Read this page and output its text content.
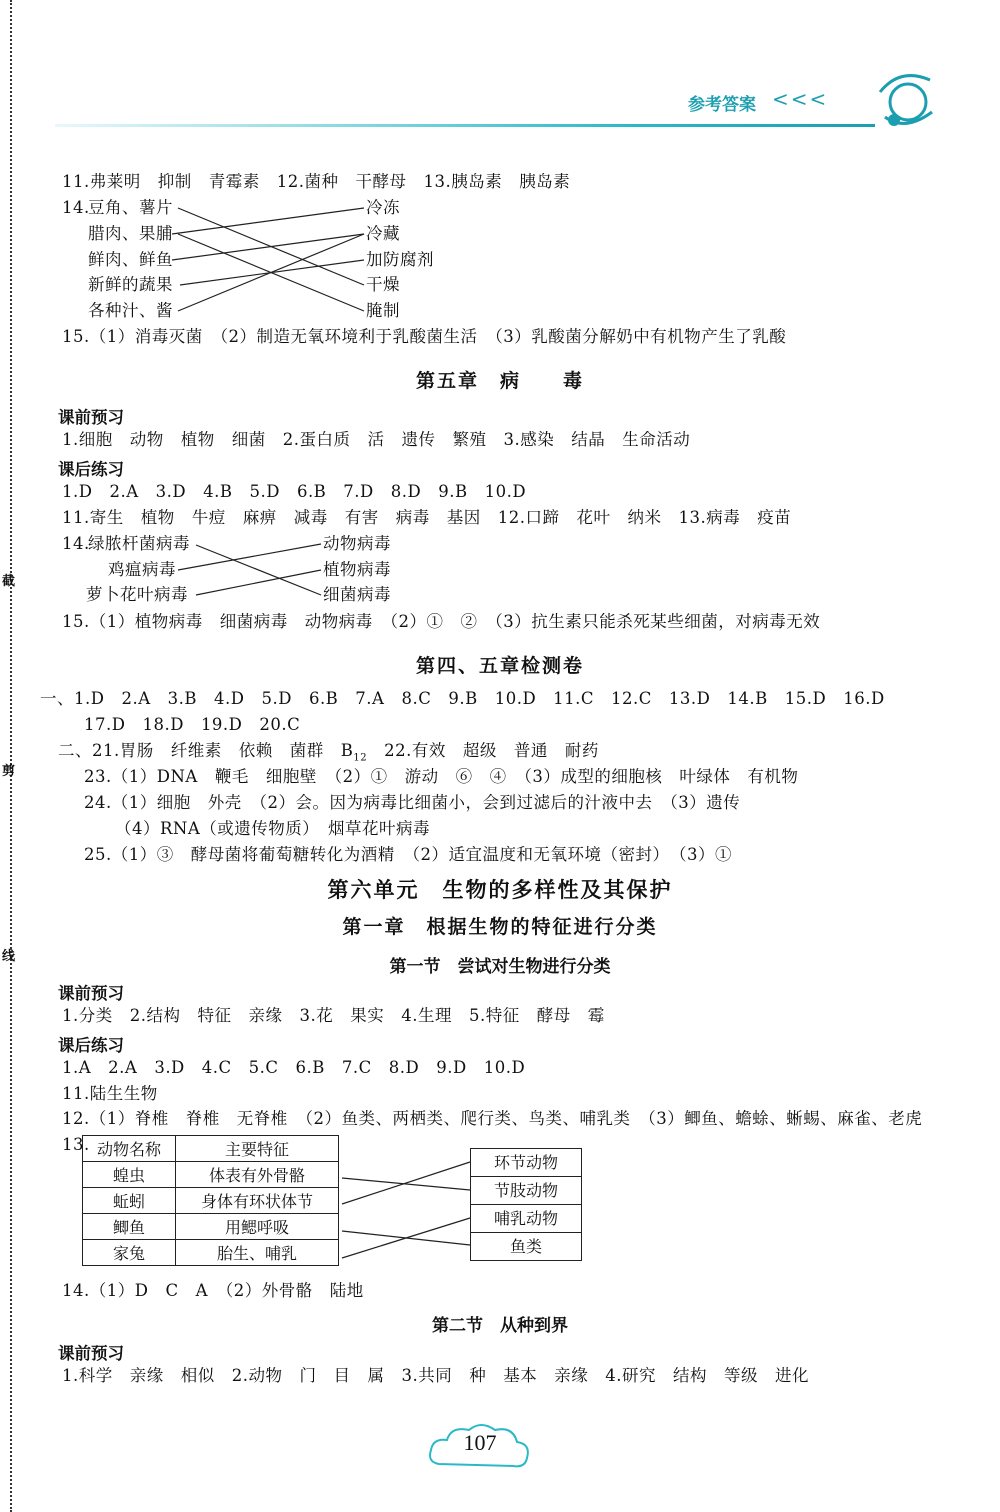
截
剪
线
参考答案 <<<
11.弗莱明　抑制　青霉素　12.菌种　干酵母　13.胰岛素　胰岛素
14.
豆角、薯片
腊肉、果脯
鲜肉、鲜鱼
新鲜的蔬果
各种汁、酱
冷冻
冷藏
加防腐剂
干燥
腌制
15.（1）消毒灭菌　（2）制造无氧环境利于乳酸菌生活　（3）乳酸菌分解奶中有机物产生了乳酸
第五章　病　　毒
课前预习
1.细胞　动物　植物　细菌　2.蛋白质　活　遗传　繁殖　3.感染　结晶　生命活动
课后练习
1.D　2.A　3.D　4.B　5.D　6.B　7.D　8.D　9.B　10.D
11.寄生　植物　牛痘　麻痹　减毒　有害　病毒　基因　12.口蹄　花叶　纳米　13.病毒　疫苗
14.
绿脓杆菌病毒
鸡瘟病毒
萝卜花叶病毒
动物病毒
植物病毒
细菌病毒
15.（1）植物病毒　细菌病毒　动物病毒　（2）①　②　（3）抗生素只能杀死某些细菌，对病毒无效
第四、五章检测卷
一、1.D　2.A　3.B　4.D　5.D　6.B　7.A　8.C　9.B　10.D　11.C　12.C　13.D　14.B　15.D　16.D
17.D　18.D　19.D　20.C
二、21.胃肠　纤维素　依赖　菌群　$B_{12}$　22.有效　超级　普通　耐药
23.（1）DNA　鞭毛　细胞壁　（2）①　游动　⑥　④　（3）成型的细胞核　叶绿体　有机物
24.（1）细胞　外壳　（2）会。因为病毒比细菌小，会到过滤后的汁液中去　（3）遗传
（4）RNA（或遗传物质）　烟草花叶病毒
25.（1）③　酵母菌将葡萄糖转化为酒精　（2）适宜温度和无氧环境（密封）　（3）①
第六单元　生物的多样性及其保护
第一章　根据生物的特征进行分类
第一节　尝试对生物进行分类
课前预习
1.分类　2.结构　特征　亲缘　3.花　果实　4.生理　5.特征　酵母　霉
课后练习
1.A　2.A　3.D　4.C　5.C　6.B　7.C　8.D　9.D　10.D
11.陆生生物
12.（1）脊椎　脊椎　无脊椎　（2）鱼类、两栖类、爬行类、鸟类、哺乳类　（3）鲫鱼、蟾蜍、蜥蜴、麻雀、老虎
13. 动物名称	主要特征
蝗虫	体表有外骨骼
蚯蚓	身体有环状体节
鲫鱼	用鳃呼吸
家兔	胎生、哺乳
环节动物
节肢动物
哺乳动物
鱼类
14.（1）D　C　A　（2）外骨骼　陆地
第二节　从种到界
课前预习
1.科学　亲缘　相似　2.动物　门　目　属　3.共同　种　基本　亲缘　4.研究　结构　等级　进化
107
